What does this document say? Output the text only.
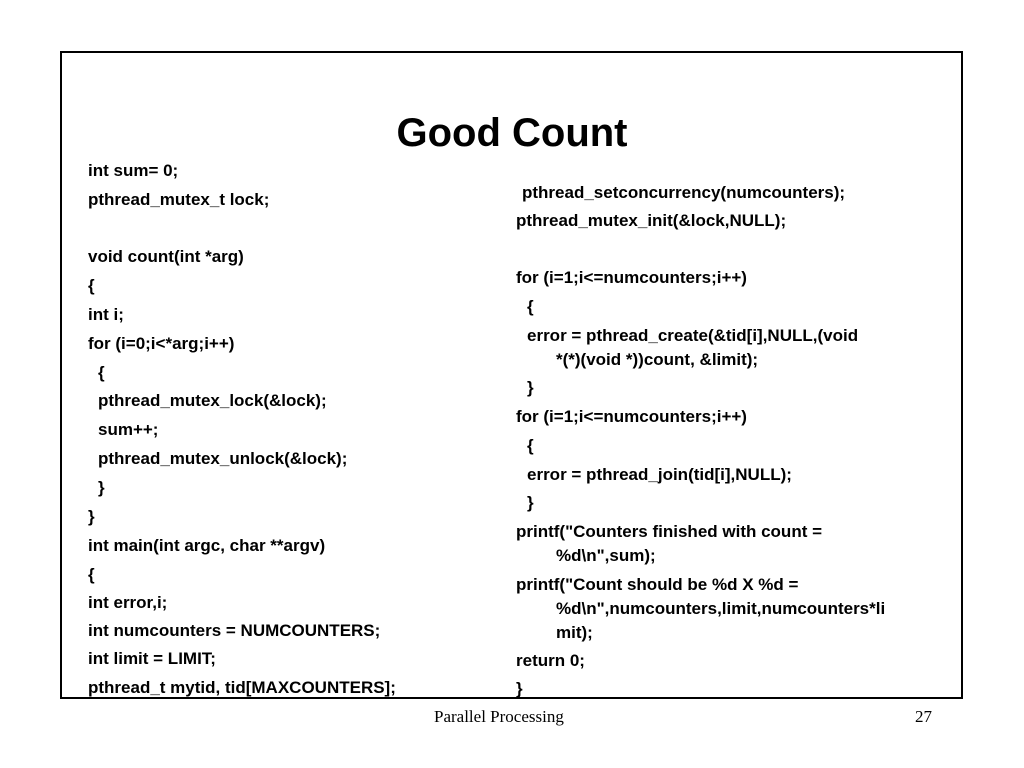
Good Count
int sum= 0;
pthread_mutex_t lock;
void count(int *arg)
{
int i;
for (i=0;i<*arg;i++)
{
pthread_mutex_lock(&lock);
sum++;
pthread_mutex_unlock(&lock);
}
}
int main(int argc, char **argv)
{
int error,i;
int numcounters = NUMCOUNTERS;
int limit = LIMIT;
pthread_t mytid, tid[MAXCOUNTERS];
pthread_setconcurrency(numcounters);
pthread_mutex_init(&lock,NULL);
for (i=1;i<=numcounters;i++)
{
error = pthread_create(&tid[i],NULL,(void
*(*)(void *))count, &limit);
}
for (i=1;i<=numcounters;i++)
{
error = pthread_join(tid[i],NULL);
}
printf("Counters finished with count =
%d\n",sum);
printf("Count should be %d X %d =
%d\n",numcounters,limit,numcounters*li
mit);
return 0;
}
Parallel Processing	27
